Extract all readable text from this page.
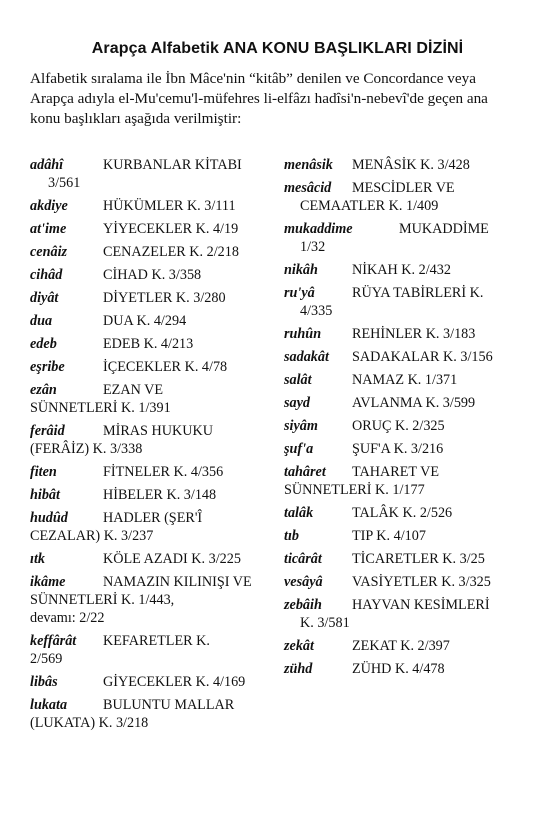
Arapça Alfabetik ANA KONU BAŞLIKLARI DİZİNİ
Alfabetik sıralama ile İbn Mâce'nin “kitâb” denilen ve Concordance veya
Arapça adıyla el-Mu'cemu'l-müfehres li-elfâzı hadîsi'n-nebevî'de geçen ana
konu başlıkları aşağıda verilmiştir:
adâhî	KURBANLAR KİTABI
3/561
akdiye	HÜKÜMLER K. 3/111
at'ime	YİYECEKLER K. 4/19
cenâiz	CENAZELER K. 2/218
cihâd	CİHAD K. 3/358
diyât	DİYETLER K. 3/280
dua	DUA K. 4/294
edeb	EDEB K. 4/213
eşribe	İÇECEKLER K. 4/78
ezân	EZAN VE
SÜNNETLERİ K. 1/391
ferâid	MİRAS HUKUKU
(FERÂİZ) K. 3/338
fiten	FİTNELER K. 4/356
hibât	HİBELER K. 3/148
hudûd	HADLER (ŞER'Î
CEZALAR) K. 3/237
ıtk	KÖLE AZADI K. 3/225
ikâme	NAMAZIN KILINIŞI VE
SÜNNETLERİ K. 1/443,
devamı: 2/22
keffârât	KEFARETLER K.
2/569
libâs	GİYECEKLER K. 4/169
lukata	BULUNTU MALLAR
(LUKATA) K. 3/218
menâsik	MENÂSİK K. 3/428
mesâcid	MESCİDLER VE
CEMAATLER K. 1/409
mukaddime	MUKADDİME
1/32
nikâh	NİKAH K. 2/432
ru'yâ	RÜYA TABİRLERİ K.
4/335
ruhûn	REHİNLER K. 3/183
sadakât	SADAKALAR K. 3/156
salât	NAMAZ K. 1/371
sayd	AVLANMA K. 3/599
siyâm	ORUÇ K. 2/325
şuf'a	ŞUF'A K. 3/216
tahâret	TAHARET VE
SÜNNETLERİ K. 1/177
talâk	TALÂK K. 2/526
tıb	TIP K. 4/107
ticârât	TİCARETLER K. 3/25
vesâyâ	VASİYETLER K. 3/325
zebâih	HAYVAN KESİMLERİ
K. 3/581
zekât	ZEKAT K. 2/397
zühd	ZÜHD K. 4/478
